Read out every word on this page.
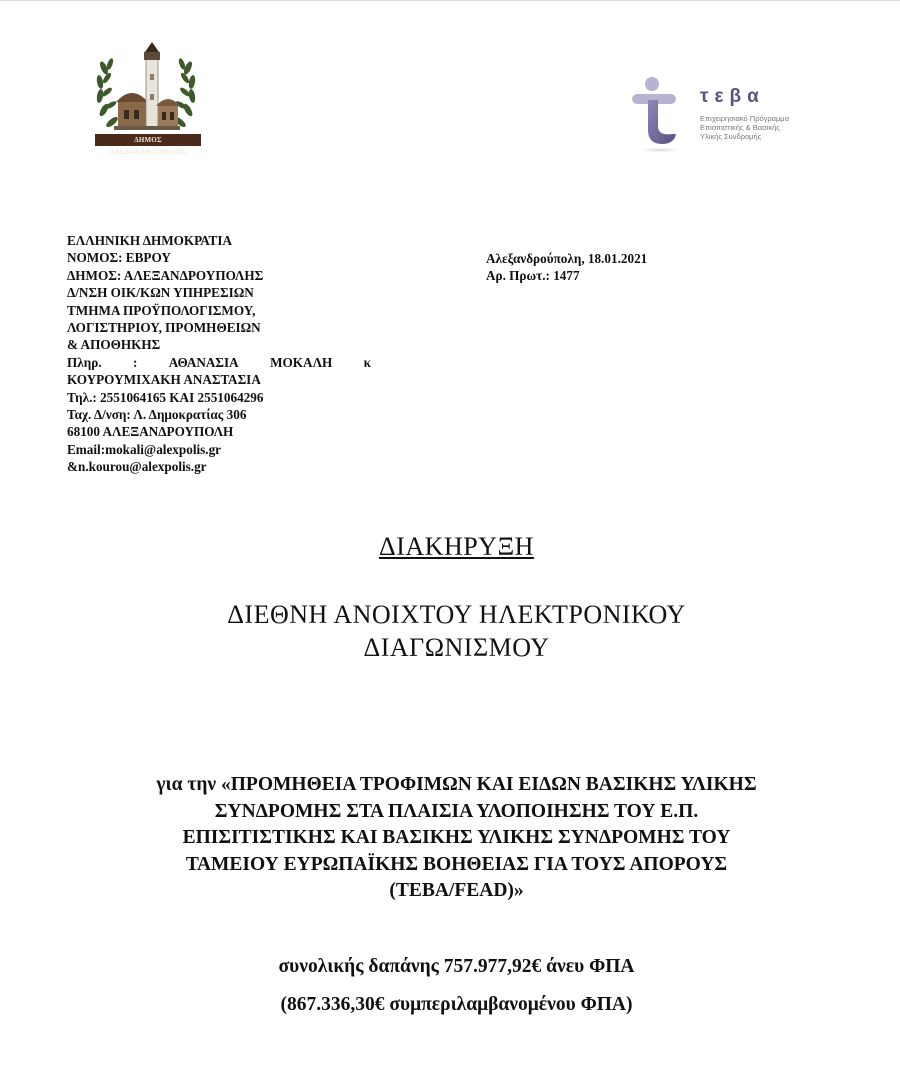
ΔΗΜΟΣ ΑΛΕΞΑΝΔΡΟΥΠΟΛΗΣ
τεβα
Επιχειρησιακό Πρόγραμμα
Επισιτιστικής & Βασικής
Υλικής Συνδρομής
ΕΛΛΗΝΙΚΗ ΔΗΜΟΚΡΑΤΙΑ
ΝΟΜΟΣ: ΕΒΡΟΥ
ΔΗΜΟΣ: ΑΛΕΞΑΝΔΡΟΥΠΟΛΗΣ
Δ/ΝΣΗ ΟΙΚ/ΚΩΝ ΥΠΗΡΕΣΙΩΝ
ΤΜΗΜΑ ΠΡΟΫΠΟΛΟΓΙΣΜΟΥ,
ΛΟΓΙΣΤΗΡΙΟΥ, ΠΡΟΜΗΘΕΙΩΝ
& ΑΠΟΘΗΚΗΣ
Πληρ. : ΑΘΑΝΑΣΙΑ ΜΟΚΑΛΗ κ
ΚΟΥΡΟΥΜΙΧΑΚΗ ΑΝΑΣΤΑΣΙΑ
Τηλ.: 2551064165 ΚΑΙ 2551064296
Ταχ. Δ/νση: Λ. Δημοκρατίας 306
68100 ΑΛΕΞΑΝΔΡΟΥΠΟΛΗ
Email:mokali@alexpolis.gr
&n.kourou@alexpolis.gr
Αλεξανδρούπολη, 18.01.2021
Αρ. Πρωτ.: 1477
ΔΙΑΚΗΡΥΞΗ
ΔΙΕΘΝΗ ΑΝΟΙΧΤΟΥ ΗΛΕΚΤΡΟΝΙΚΟΥ
ΔΙΑΓΩΝΙΣΜΟΥ
για την «ΠΡΟΜΗΘΕΙΑ ΤΡΟΦΙΜΩΝ ΚΑΙ ΕΙΔΩΝ ΒΑΣΙΚΗΣ ΥΛΙΚΗΣ
ΣΥΝΔΡΟΜΗΣ ΣΤΑ ΠΛΑΙΣΙΑ ΥΛΟΠΟΙΗΣΗΣ ΤΟΥ Ε.Π.
ΕΠΙΣΙΤΙΣΤΙΚΗΣ ΚΑΙ ΒΑΣΙΚΗΣ ΥΛΙΚΗΣ ΣΥΝΔΡΟΜΗΣ ΤΟΥ
ΤΑΜΕΙΟΥ ΕΥΡΩΠΑΪΚΗΣ ΒΟΗΘΕΙΑΣ ΓΙΑ ΤΟΥΣ ΑΠΟΡΟΥΣ
(ΤΕΒΑ/FEAD)»
συνολικής δαπάνης 757.977,92€ άνευ ΦΠΑ
(867.336,30€ συμπεριλαμβανομένου ΦΠΑ)
